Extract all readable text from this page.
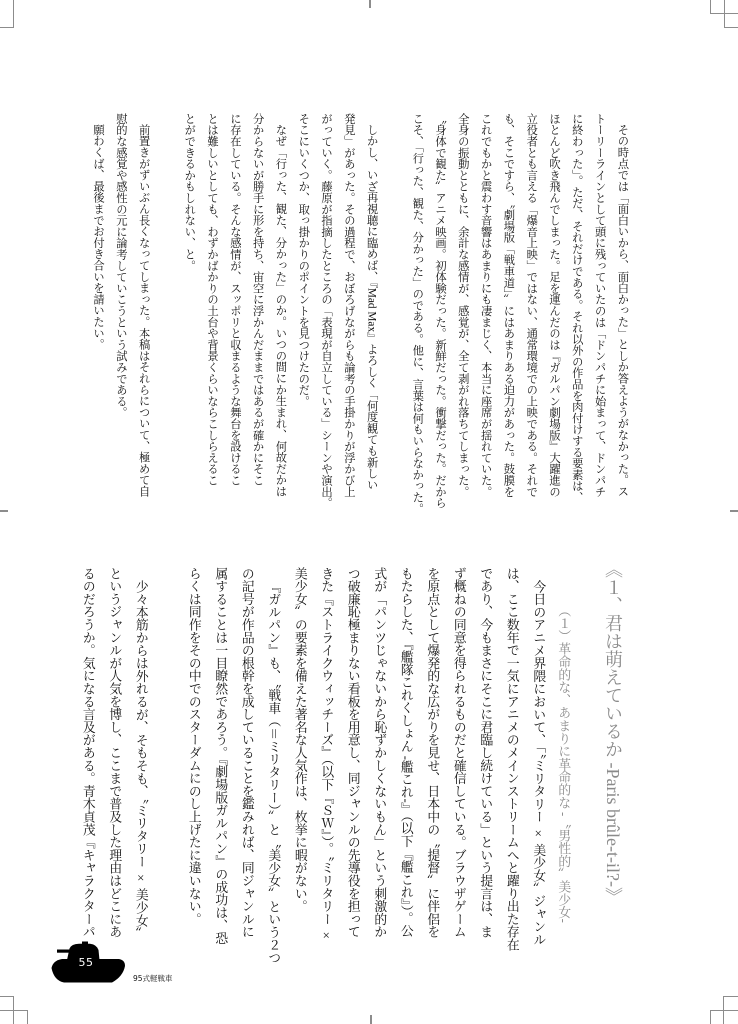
その時点では「面白いから、面白かった」としか答えようがなかった。ス
トーリーラインとして頭に残っていたのは「ドンパチに始まって、ドンパチ
に終わった」。ただ、それだけである。それ以外の作品を肉付けする要素は、
ほとんど吹き飛んでしまった。足を運んだのは『ガルパン劇場版』大躍進の
立役者とも言える「爆音上映」ではない、通常環境での上映である。それで
も、そこですら、〝劇場版「戦車道」〟にはあまりある迫力があった。鼓膜を
これでもかと震わす音響はあまりにも凄まじく、本当に座席が揺れていた。
全身の振動とともに、余計な感情が、感覚が、全て剥がれ落ちてしまった。
〝身体で観た〟アニメ映画。初体験だった。新鮮だった。衝撃だった。だから
こそ、「行った、観た、分かった」のである。他に、言葉は何もいらなかった。
しかし、いざ再視聴に臨めば、『Mad Max』よろしく「何度観ても新しい
発見」があった。その過程で、おぼろげながらも論考の手掛かりが浮かび上
がっていく。藤原が指摘したところの「表現が自立している」シーンや演出。
そこにいくつか、取っ掛かりのポイントを見つけたのだ。
なぜ「行った、観た、分かった」のか。いつの間にか生まれ、何故だかは
分からないが勝手に形を持ち、宙空に浮かんだままではあるが確かにそこ
に存在している。そんな感情が、スッポリと収まるような舞台を設けるこ
とは難しいとしても、わずかばかりの土台や背景くらいならこしらえるこ
とができるかもしれない、と。
前置きがずいぶん長くなってしまった。本稿はそれらについて、極めて自
慰的な感覚や感性の元に論考していこうという試みである。
願わくば、最後までお付き合いを請いたい。
《１、君は萌えているか -Paris brûle-t-il?-》
（１）革命的な、あまりに革命的な -〝男性的〟美少女-
今日のアニメ界隈において、「〝ミリタリー × 美少女〟ジャンル
は、ここ数年で一気にアニメのメインストリームへと躍り出た存在
であり、今もまさにそこに君臨し続けている」という提言は、ま
ず概ねの同意を得られるものだと確信している。ブラウザゲーム
を原点として爆発的な広がりを見せ、日本中の〝提督〟に伴侶を
もたらした、『艦隊これくしょん -艦これ-』（以下『艦これ』）。公
式が「パンツじゃないから恥ずかしくないもん」という刺激的か
つ破廉恥極まりない看板を用意し、同ジャンルの先導役を担って
きた『ストライクウィッチーズ』（以下『ＳＷ』）。〝ミリタリー ×
美少女〟の要素を備えた著名な人気作は、枚挙に暇がない。
『ガルパン』も、〝戦車（＝ミリタリー）〟と〝美少女〟という２つ
の記号が作品の根幹を成していることを鑑みれば、同ジャンルに
属することは一目瞭然であろう。『劇場版ガルパン』の成功は、恐
らくは同作をその中でのスターダムにのし上げたに違いない。
少々本筋からは外れるが、そもそも、〝ミリタリー × 美少女〟
というジャンルが人気を博し、ここまで普及した理由はどこにあ
るのだろうか。気になる言及がある。青木貞茂『キャラクターパ
55
95式軽戦車
